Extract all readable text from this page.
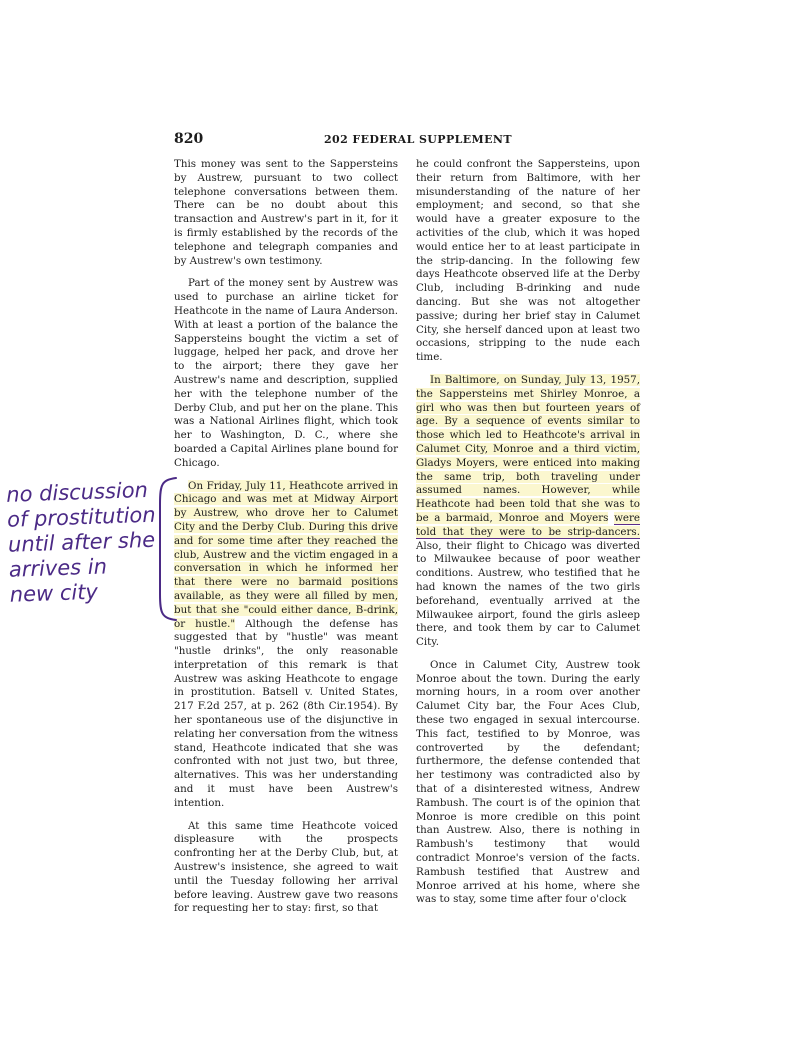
820	202 FEDERAL SUPPLEMENT

This money was sent to the Sappersteins by Austrew, pursuant to two collect telephone conversations between them. There can be no doubt about this transaction and Austrew's part in it, for it is firmly established by the records of the telephone and telegraph companies and by Austrew's own testimony.

Part of the money sent by Austrew was used to purchase an airline ticket for Heathcote in the name of Laura Anderson. With at least a portion of the balance the Sappersteins bought the victim a set of luggage, helped her pack, and drove her to the airport; there they gave her Austrew's name and description, supplied her with the telephone number of the Derby Club, and put her on the plane. This was a National Airlines flight, which took her to Washington, D. C., where she boarded a Capital Airlines plane bound for Chicago.

On Friday, July 11, Heathcote arrived in Chicago and was met at Midway Airport by Austrew, who drove her to Calumet City and the Derby Club. During this drive and for some time after they reached the club, Austrew and the victim engaged in a conversation in which he informed her that there were no barmaid positions available, as they were all filled by men, but that she "could either dance, B-drink, or hustle." Although the defense has suggested that by "hustle" was meant "hustle drinks", the only reasonable interpretation of this remark is that Austrew was asking Heathcote to engage in prostitution. Batsell v. United States, 217 F.2d 257, at p. 262 (8th Cir.1954). By her spontaneous use of the disjunctive in relating her conversation from the witness stand, Heathcote indicated that she was confronted with not just two, but three, alternatives. This was her understanding and it must have been Austrew's intention.

At this same time Heathcote voiced displeasure with the prospects confronting her at the Derby Club, but, at Austrew's insistence, she agreed to wait until the Tuesday following her arrival before leaving. Austrew gave two reasons for requesting her to stay: first, so that

he could confront the Sappersteins, upon their return from Baltimore, with her misunderstanding of the nature of her employment; and second, so that she would have a greater exposure to the activities of the club, which it was hoped would entice her to at least participate in the strip-dancing. In the following few days Heathcote observed life at the Derby Club, including B-drinking and nude dancing. But she was not altogether passive; during her brief stay in Calumet City, she herself danced upon at least two occasions, stripping to the nude each time.

In Baltimore, on Sunday, July 13, 1957, the Sappersteins met Shirley Monroe, a girl who was then but fourteen years of age. By a sequence of events similar to those which led to Heathcote's arrival in Calumet City, Monroe and a third victim, Gladys Moyers, were enticed into making the same trip, both traveling under assumed names. However, while Heathcote had been told that she was to be a barmaid, Monroe and Moyers were told that they were to be strip-dancers. Also, their flight to Chicago was diverted to Milwaukee because of poor weather conditions. Austrew, who testified that he had known the names of the two girls beforehand, eventually arrived at the Milwaukee airport, found the girls asleep there, and took them by car to Calumet City.

Once in Calumet City, Austrew took Monroe about the town. During the early morning hours, in a room over another Calumet City bar, the Four Aces Club, these two engaged in sexual intercourse. This fact, testified to by Monroe, was controverted by the defendant; furthermore, the defense contended that her testimony was contradicted also by that of a disinterested witness, Andrew Rambush. The court is of the opinion that Monroe is more credible on this point than Austrew. Also, there is nothing in Rambush's testimony that would contradict Monroe's version of the facts. Rambush testified that Austrew and Monroe arrived at his home, where she was to stay, some time after four o'clock

no discussion
of prostitution
until after she
arrives in
new city
